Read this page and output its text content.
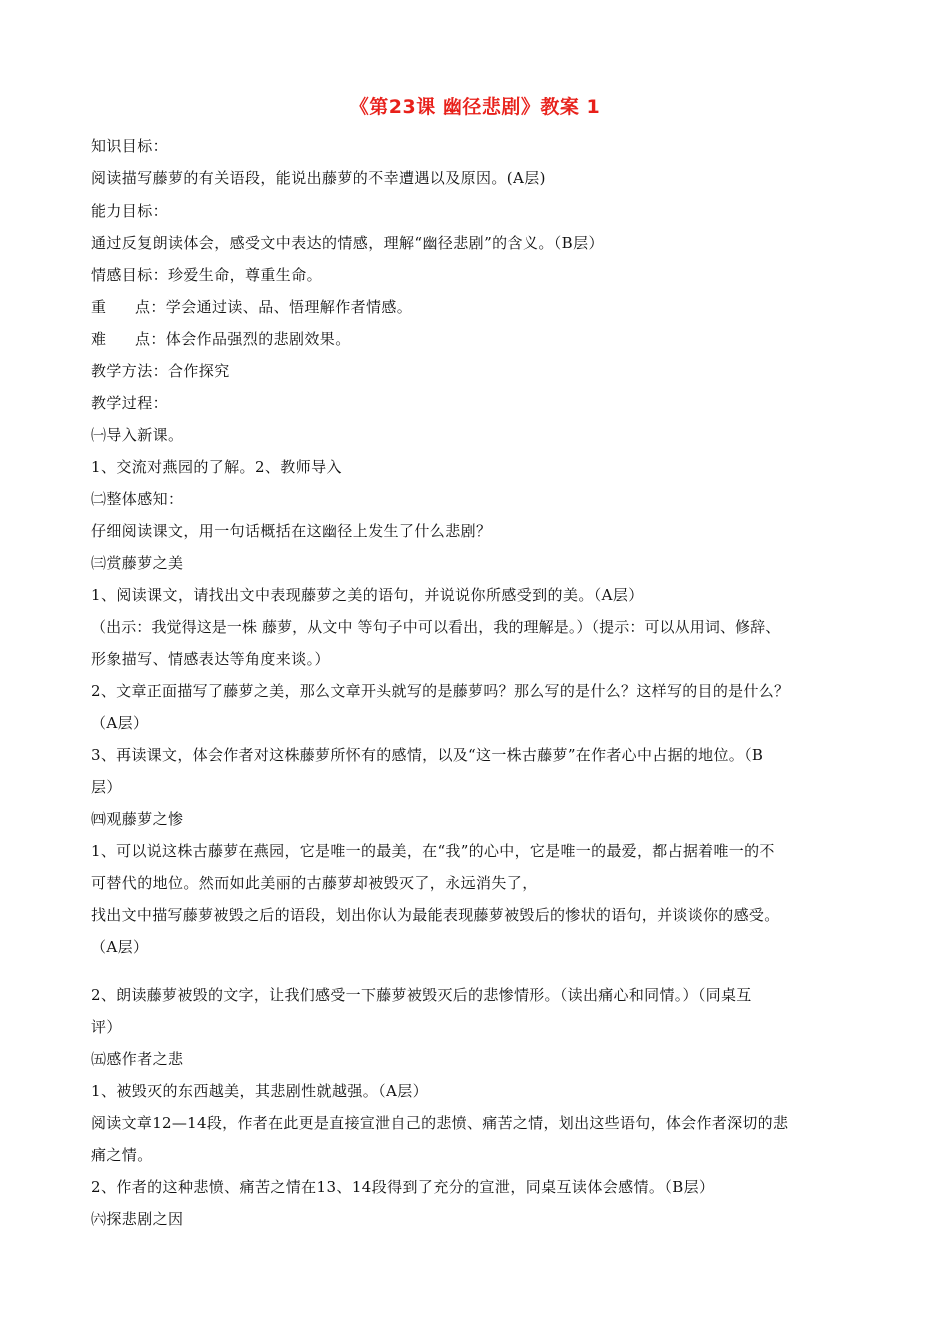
《第23课 幽径悲剧》教案 1
知识目标：
阅读描写藤萝的有关语段，能说出藤萝的不幸遭遇以及原因。(A层)
能力目标：
通过反复朗读体会，感受文中表达的情感，理解“幽径悲剧”的含义。（B层）
情感目标：珍爱生命，尊重生命。
重 点：学会通过读、品、悟理解作者情感。
难 点：体会作品强烈的悲剧效果。
教学方法：合作探究
教学过程：
㈠导入新课。
1、交流对燕园的了解。2、教师导入
㈡整体感知：
仔细阅读课文，用一句话概括在这幽径上发生了什么悲剧？
㈢赏藤萝之美
1、阅读课文，请找出文中表现藤萝之美的语句，并说说你所感受到的美。（A层）
（出示：我觉得这是一株 藤萝，从文中 等句子中可以看出，我的理解是。）（提示：可以从用词、修辞、
形象描写、情感表达等角度来谈。）
2、文章正面描写了藤萝之美，那么文章开头就写的是藤萝吗？那么写的是什么？这样写的目的是什么？
（A层）
3、再读课文，体会作者对这株藤萝所怀有的感情，以及“这一株古藤萝”在作者心中占据的地位。（B
层）
㈣观藤萝之惨
1、可以说这株古藤萝在燕园，它是唯一的最美，在“我”的心中，它是唯一的最爱，都占据着唯一的不
可替代的地位。然而如此美丽的古藤萝却被毁灭了，永远消失了，
找出文中描写藤萝被毁之后的语段，划出你认为最能表现藤萝被毁后的惨状的语句，并谈谈你的感受。
（A层）
2、朗读藤萝被毁的文字，让我们感受一下藤萝被毁灭后的悲惨情形。（读出痛心和同情。）（同桌互
评）
㈤感作者之悲
1、被毁灭的东西越美，其悲剧性就越强。（A层）
阅读文章12—14段，作者在此更是直接宣泄自己的悲愤、痛苦之情，划出这些语句，体会作者深切的悲
痛之情。
2、作者的这种悲愤、痛苦之情在13、14段得到了充分的宣泄，同桌互读体会感情。（B层）
㈥探悲剧之因
